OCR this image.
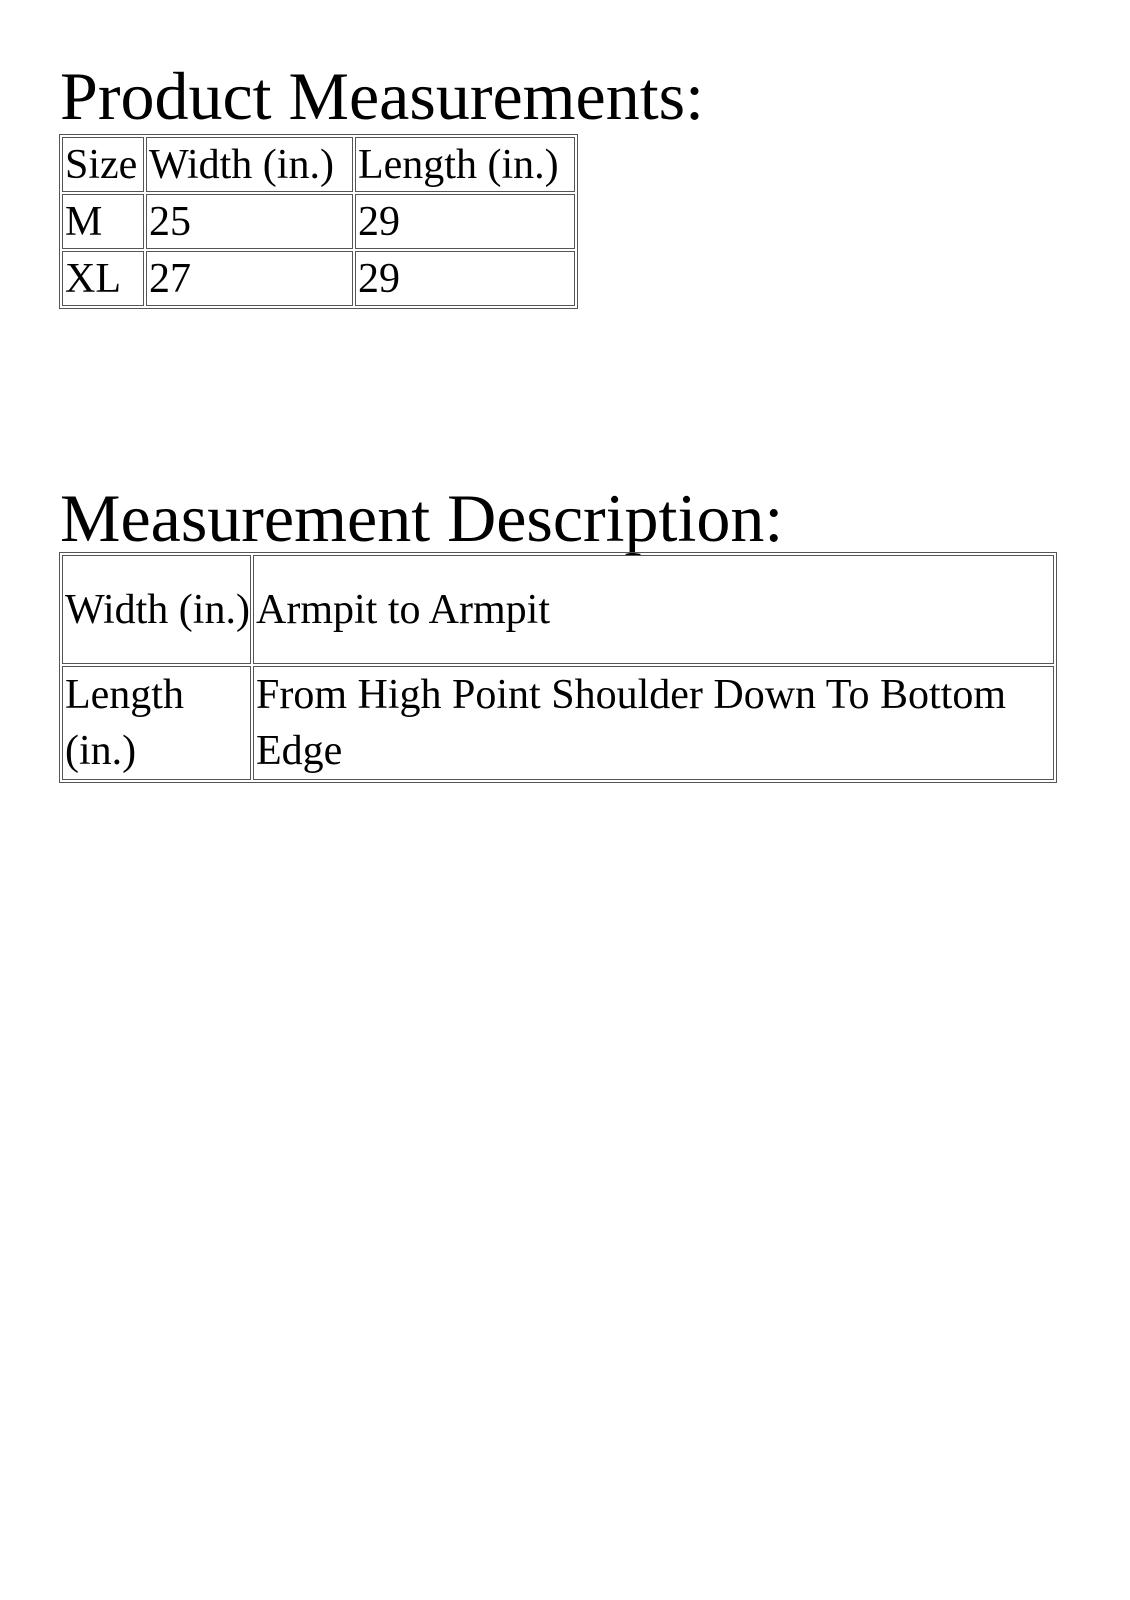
Product Measurements:
Size	Width (in.)	Length (in.)
M	25	29
XL	27	29
Measurement Description:
Width (in.)	Armpit to Armpit
Length (in.)	From High Point Shoulder Down To Bottom Edge
